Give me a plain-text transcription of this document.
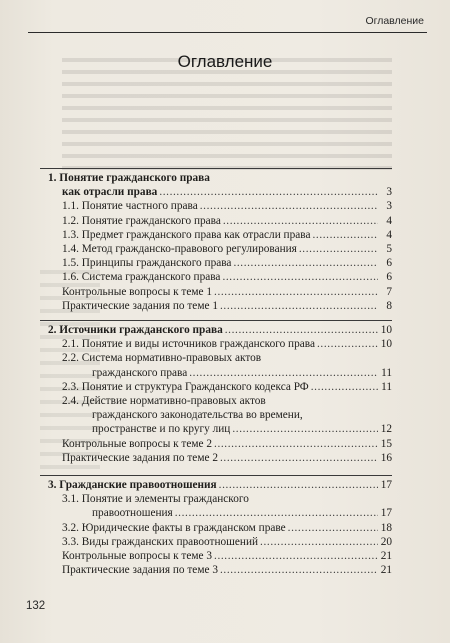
Оглавление
Оглавление
1. Понятие гражданского права
как отрасли права .....	3
1.1. Понятие частного права .....	3
1.2. Понятие гражданского права .....	4
1.3. Предмет гражданского права как отрасли права .....	4
1.4. Метод гражданско-правового регулирования .....	5
1.5. Принципы гражданского права .....	6
1.6. Система гражданского права .....	6
Контрольные вопросы к теме 1 .....	7
Практические задания по теме 1 .....	8
2. Источники гражданского права .....	10
2.1. Понятие и виды источников гражданского права .....	10
2.2. Система нормативно-правовых актов
гражданского права .....	11
2.3. Понятие и структура Гражданского кодекса РФ .....	11
2.4. Действие нормативно-правовых актов
гражданского законодательства во времени,
пространстве и по кругу лиц .....	12
Контрольные вопросы к теме 2 .....	15
Практические задания по теме 2 .....	16
3. Гражданские правоотношения .....	17
3.1. Понятие и элементы гражданского
правоотношения .....	17
3.2. Юридические факты в гражданском праве .....	18
3.3. Виды гражданских правоотношений .....	20
Контрольные вопросы к теме 3 .....	21
Практические задания по теме 3 .....	21
132
